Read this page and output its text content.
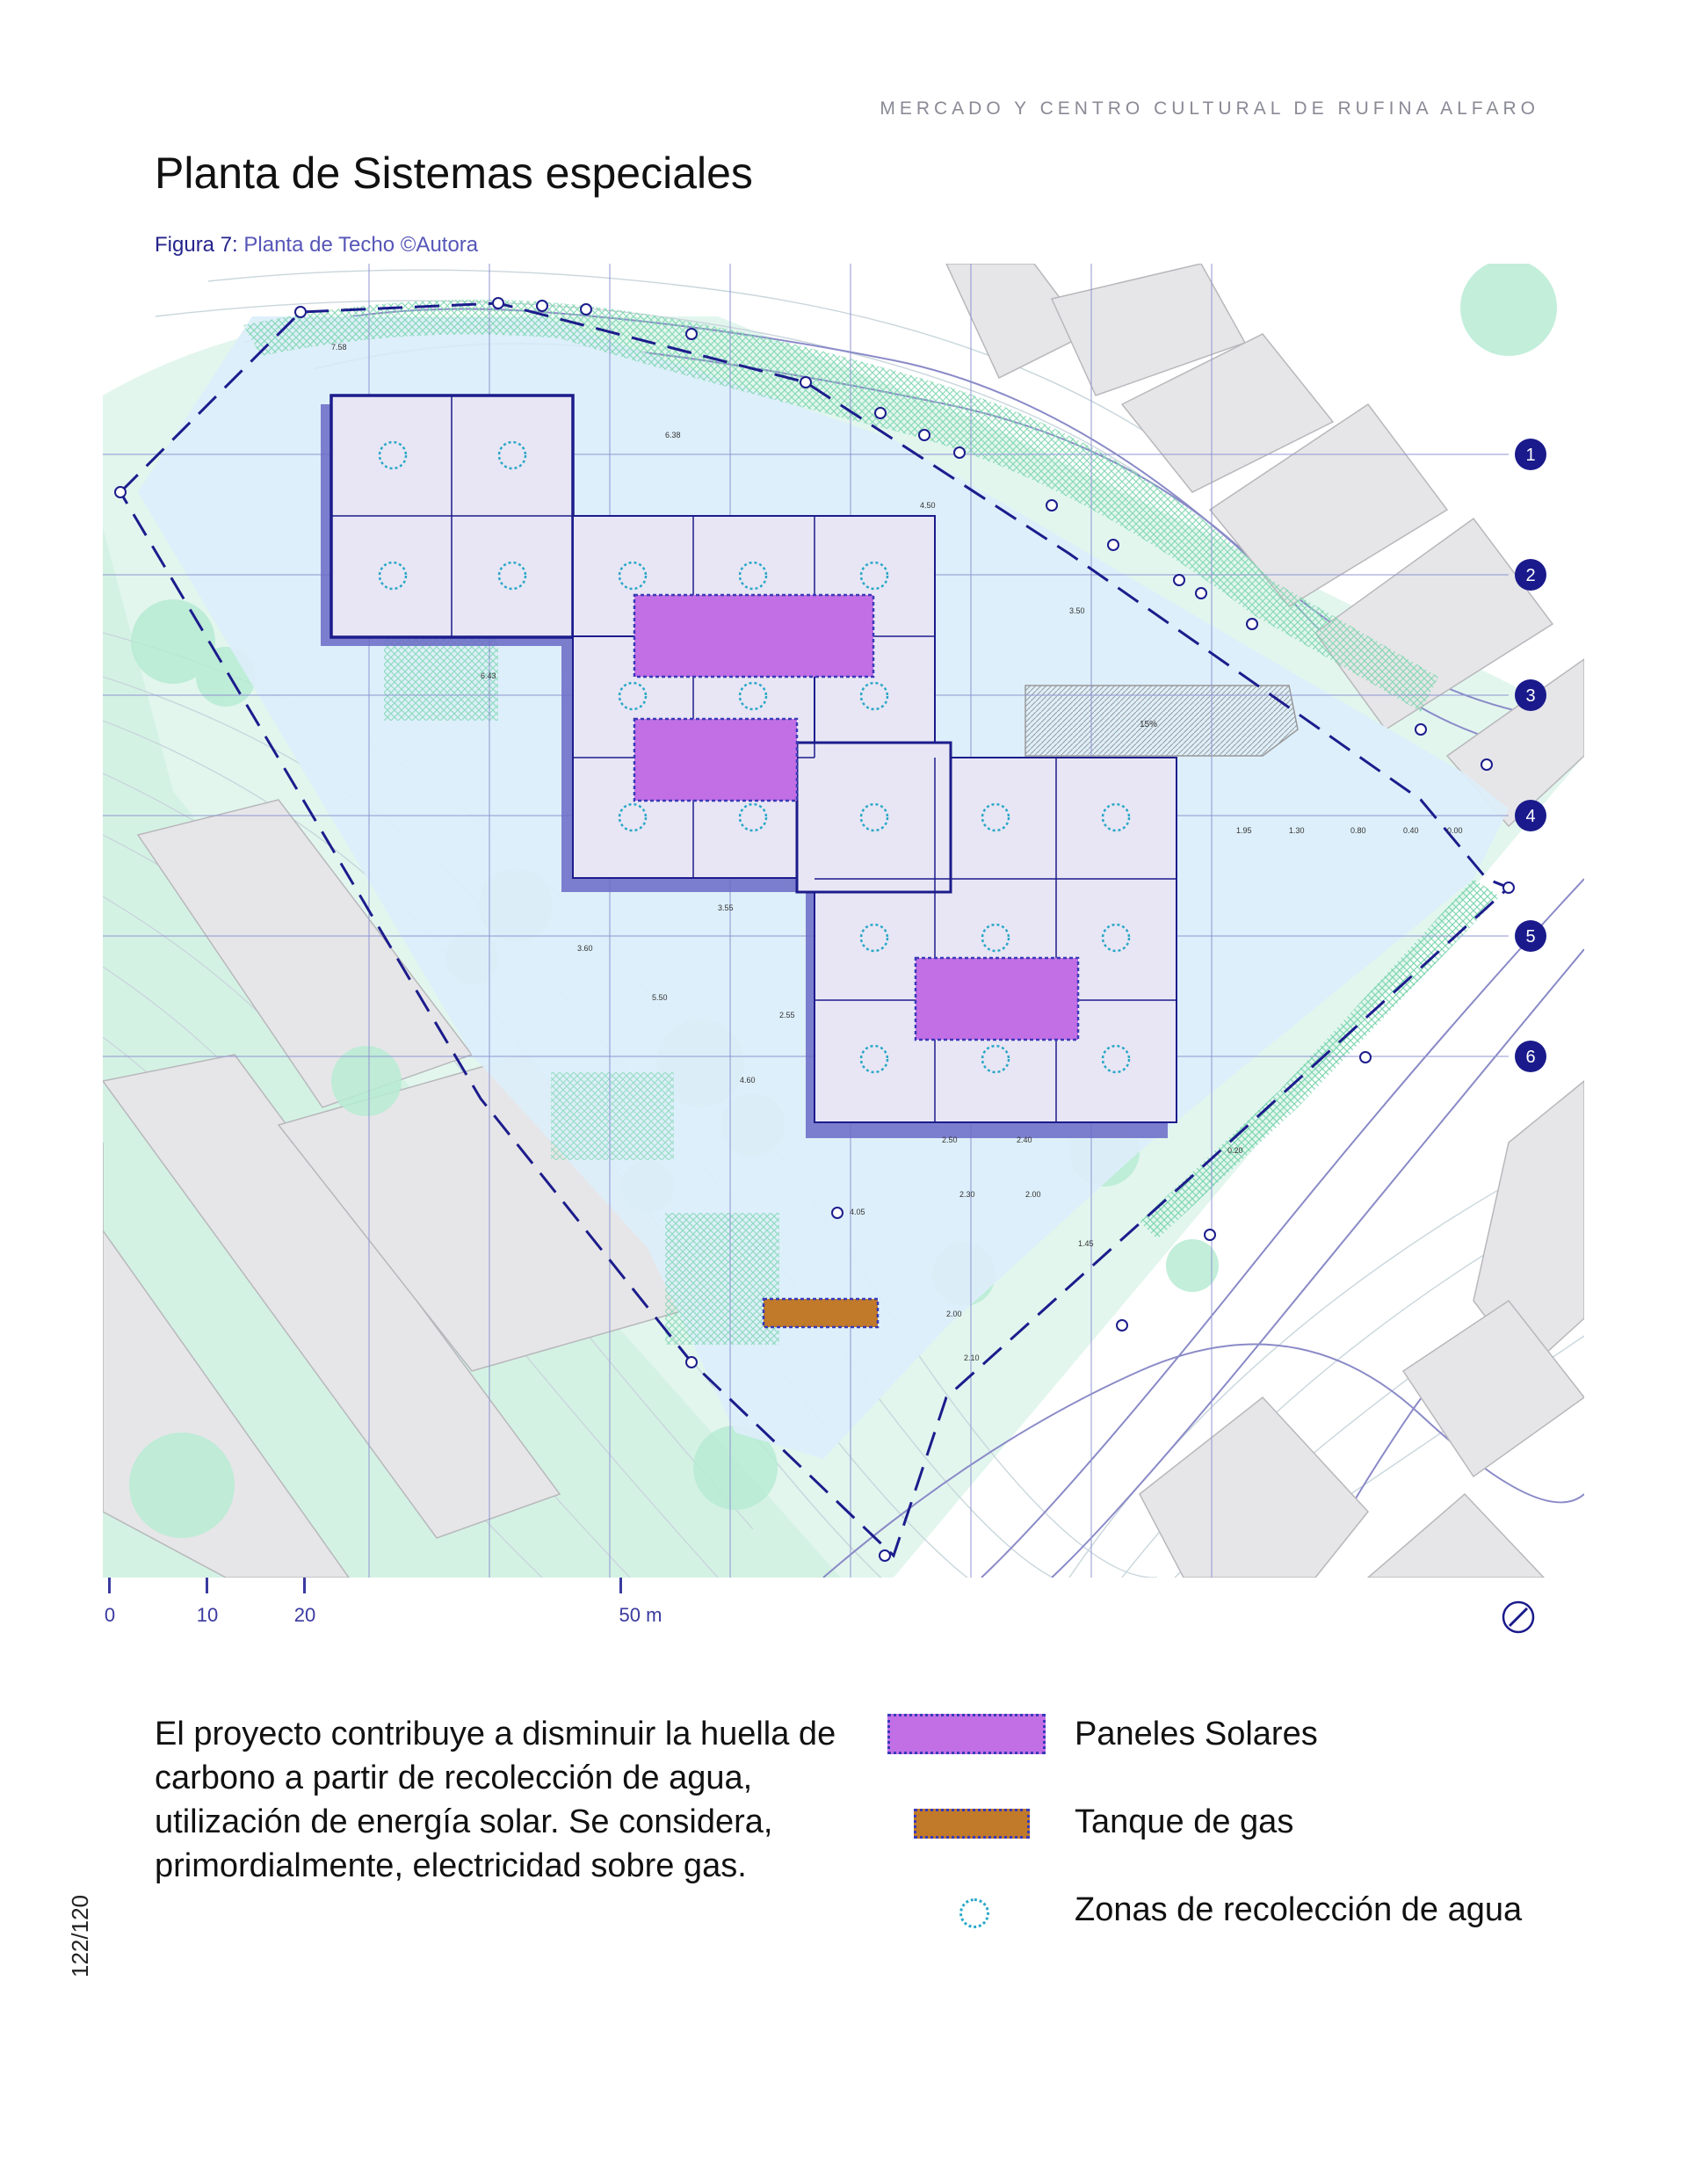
MERCADO Y CENTRO CULTURAL DE RUFINA ALFARO
Planta de Sistemas especiales
Figura 7: Planta de Techo ©Autora
15%
7.58
6.38
4.50
3.50
6.43
1.95	1.30	0.80	0.40	0.00
3.55
3.60
5.50
2.55
4.60
2.50	2.40
0.20
2.30	2.00
1.45
4.05
2.00
2.10
1
2
3
4
5
6
0	10	20	50 m
El proyecto contribuye a disminuir la huella de carbono a partir de recolección de agua, utilización de energía solar. Se considera, primordialmente, electricidad sobre gas.
Paneles Solares
Tanque de gas
Zonas de recolección de agua
122/120
